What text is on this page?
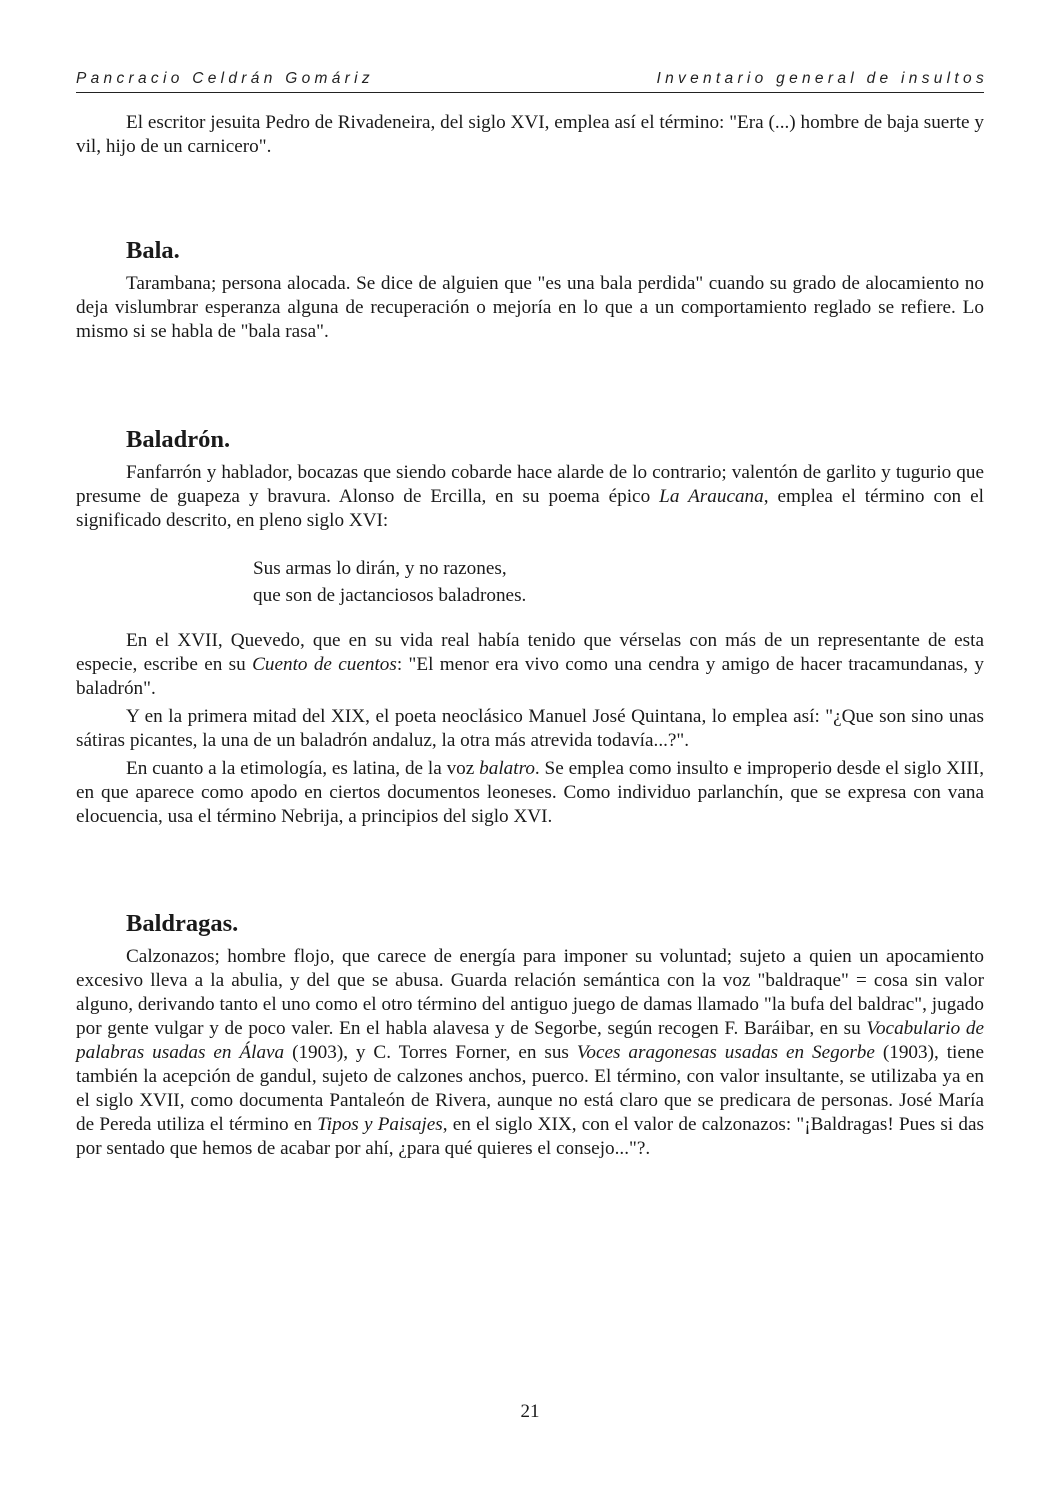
Pancracio Celdrán Gomáriz	Inventario general de insultos

El escritor jesuita Pedro de Rivadeneira, del siglo XVI, emplea así el término: "Era (...) hombre de baja suerte y vil, hijo de un carnicero".

Bala.

Tarambana; persona alocada. Se dice de alguien que "es una bala perdida" cuando su grado de alocamiento no deja vislumbrar esperanza alguna de recuperación o mejoría en lo que a un comportamiento reglado se refiere. Lo mismo si se habla de "bala rasa".

Baladrón.

Fanfarrón y hablador, bocazas que siendo cobarde hace alarde de lo contrario; valentón de garlito y tugurio que presume de guapeza y bravura. Alonso de Ercilla, en su poema épico La Araucana, emplea el término con el significado descrito, en pleno siglo XVI:

Sus armas lo dirán, y no razones,
que son de jactanciosos baladrones.

En el XVII, Quevedo, que en su vida real había tenido que vérselas con más de un representante de esta especie, escribe en su Cuento de cuentos: "El menor era vivo como una cendra y amigo de hacer tracamundanas, y baladrón".

Y en la primera mitad del XIX, el poeta neoclásico Manuel José Quintana, lo emplea así: "¿Que son sino unas sátiras picantes, la una de un baladrón andaluz, la otra más atrevida todavía...?".

En cuanto a la etimología, es latina, de la voz balatro. Se emplea como insulto e improperio desde el siglo XIII, en que aparece como apodo en ciertos documentos leoneses. Como individuo parlanchín, que se expresa con vana elocuencia, usa el término Nebrija, a principios del siglo XVI.

Baldragas.

Calzonazos; hombre flojo, que carece de energía para imponer su voluntad; sujeto a quien un apocamiento excesivo lleva a la abulia, y del que se abusa. Guarda relación semántica con la voz "baldraque" = cosa sin valor alguno, derivando tanto el uno como el otro término del antiguo juego de damas llamado "la bufa del baldrac", jugado por gente vulgar y de poco valer. En el habla alavesa y de Segorbe, según recogen F. Baráibar, en su Vocabulario de palabras usadas en Álava (1903), y C. Torres Forner, en sus Voces aragonesas usadas en Segorbe (1903), tiene también la acepción de gandul, sujeto de calzones anchos, puerco. El término, con valor insultante, se utilizaba ya en el siglo XVII, como documenta Pantaleón de Rivera, aunque no está claro que se predicara de personas. José María de Pereda utiliza el término en Tipos y Paisajes, en el siglo XIX, con el valor de calzonazos: "¡Baldragas! Pues si das por sentado que hemos de acabar por ahí, ¿para qué quieres el consejo..."?.

21
